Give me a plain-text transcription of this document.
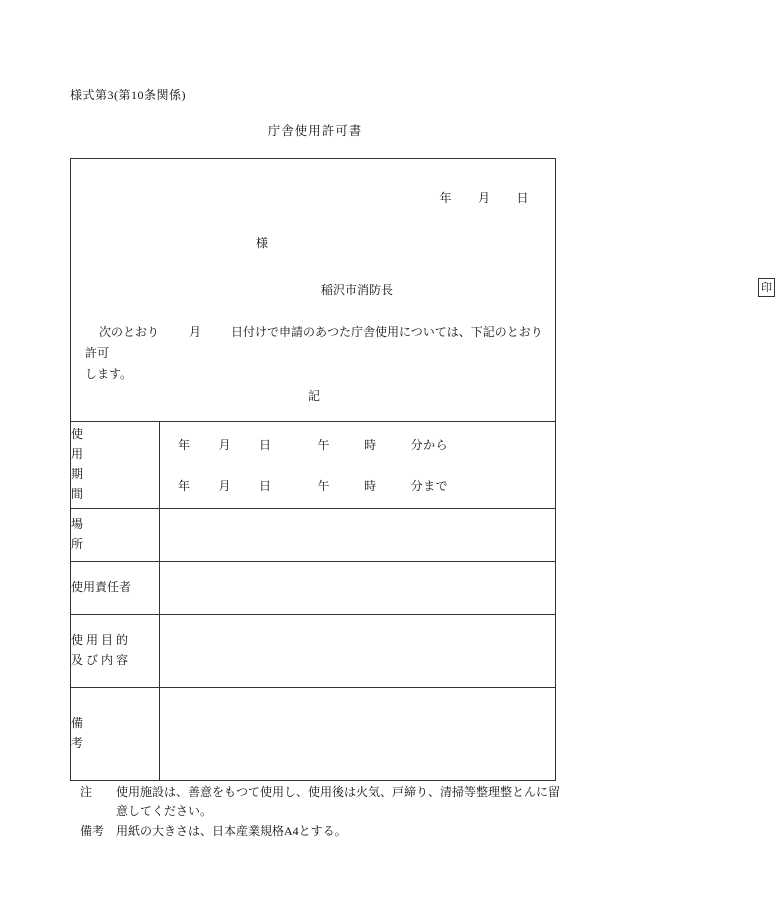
様式第3(第10条関係)
庁舎使用許可書
年 月 日
様
稲沢市消防長	印
次のとおり	月	日付けで申請のあつた庁舎使用については、下記のとおり許可
します。
記
使　　　　用
期　　　　間

年 月 日	午	時	分から
年 月 日	午	時	分まで

場　　　　所	
使用責任者	

使 用 目 的
及 び 内 容	

備　　　　考	

注 使用施設は、善意をもつて使用し、使用後は火気、戸締り、清掃等整理整とんに留

意してください。

備考 用紙の大きさは、日本産業規格A4とする。
